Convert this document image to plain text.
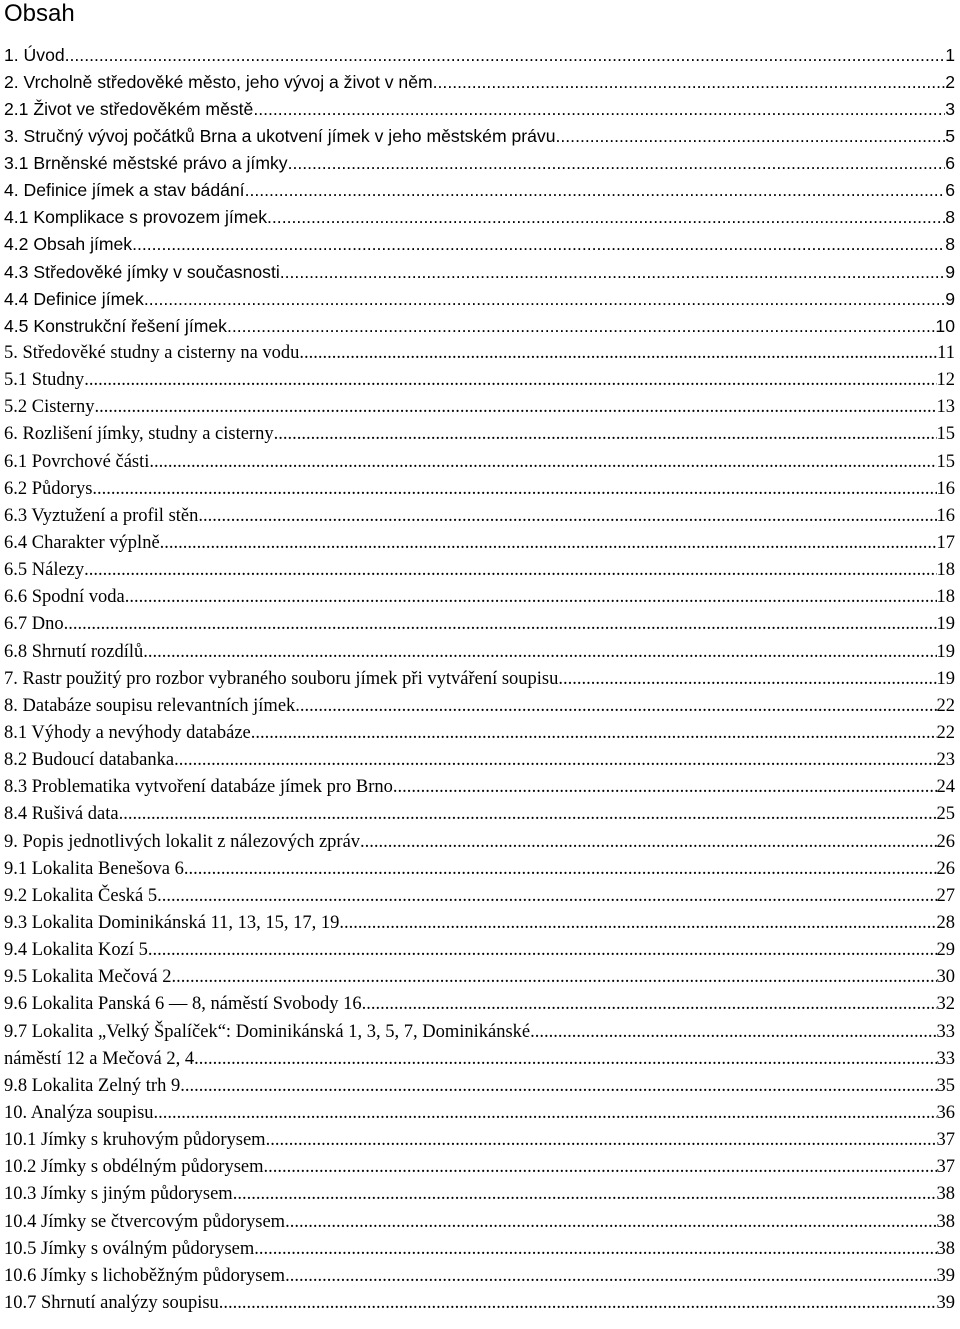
Obsah
1. Úvod .....	1
2. Vrcholně středověké město, jeho vývoj a život v něm .....	2
2.1 Život ve středověkém městě .....	3
3. Stručný vývoj počátků Brna a ukotvení jímek v jeho městském právu .....	5
3.1 Brněnské městské právo a jímky .....	6
4. Definice jímek a stav bádání .....	6
4.1 Komplikace s provozem jímek .....	8
4.2 Obsah jímek .....	8
4.3 Středověké jímky v současnosti .....	9
4.4 Definice jímek .....	9
4.5 Konstrukční řešení jímek .....	10
5. Středověké studny a cisterny na vodu .....	11
5.1 Studny .....	12
5.2 Cisterny .....	13
6. Rozlišení jímky, studny a cisterny .....	15
6.1 Povrchové části .....	15
6.2 Půdorys .....	16
6.3 Vyztužení a profil stěn .....	16
6.4 Charakter výplně .....	17
6.5 Nálezy .....	18
6.6 Spodní voda .....	18
6.7 Dno .....	19
6.8 Shrnutí rozdílů .....	19
7. Rastr použitý pro rozbor vybraného souboru jímek při vytváření soupisu .....	19
8. Databáze soupisu relevantních jímek .....	22
8.1 Výhody a nevýhody databáze .....	22
8.2 Budoucí databanka .....	23
8.3 Problematika vytvoření databáze jímek pro Brno .....	24
8.4 Rušivá data .....	25
9. Popis jednotlivých lokalit z nálezových zpráv .....	26
9.1 Lokalita Benešova 6 .....	26
9.2 Lokalita Česká 5 .....	27
9.3 Lokalita Dominikánská 11, 13, 15, 17, 19 .....	28
9.4 Lokalita Kozí 5 .....	29
9.5 Lokalita Mečová 2 .....	30
9.6 Lokalita Panská 6 — 8, náměstí Svobody 16 .....	32
9.7 Lokalita „Velký Špalíček“: Dominikánská 1, 3, 5, 7, Dominikánské .....	33
náměstí 12 a Mečová 2, 4 .....	33
9.8 Lokalita Zelný trh 9 .....	35
10. Analýza soupisu .....	36
10.1 Jímky s kruhovým půdorysem .....	37
10.2 Jímky s obdélným půdorysem .....	37
10.3 Jímky s jiným půdorysem .....	38
10.4 Jímky se čtvercovým půdorysem .....	38
10.5 Jímky s oválným půdorysem .....	38
10.6 Jímky s lichoběžným půdorysem .....	39
10.7 Shrnutí analýzy soupisu .....	39
